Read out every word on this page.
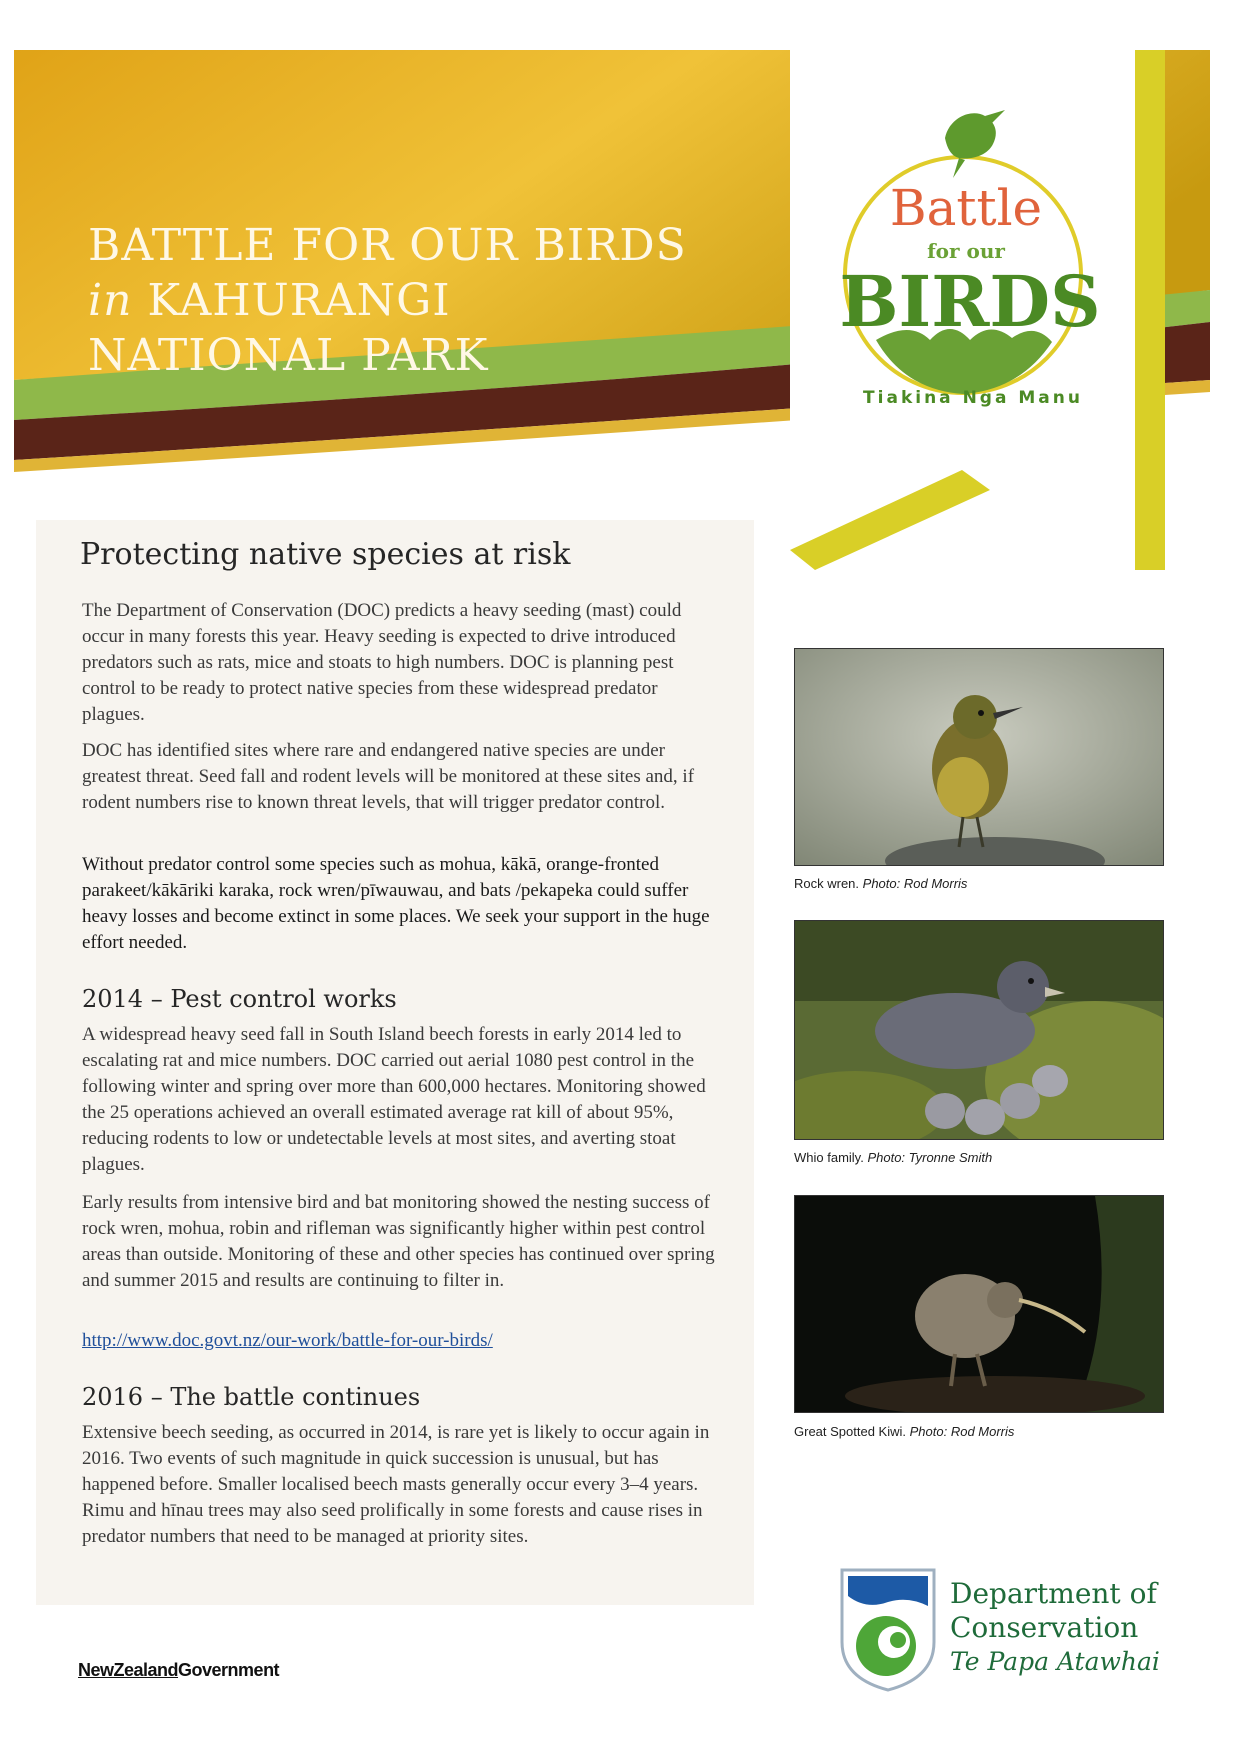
BATTLE FOR OUR BIRDS
in KAHURANGI
NATIONAL PARK
Battle
for our
BIRDS
Tiakina Nga Manu
Protecting native species at risk

The Department of Conservation (DOC) predicts a heavy seeding (mast) could occur in many forests this year. Heavy seeding is expected to drive introduced predators such as rats, mice and stoats to high numbers. DOC is planning pest control to be ready to protect native species from these widespread predator plagues.

DOC has identified sites where rare and endangered native species are under greatest threat. Seed fall and rodent levels will be monitored at these sites and, if rodent numbers rise to known threat levels, that will trigger predator control.

Without predator control some species such as mohua, kākā, orange-fronted parakeet/kākāriki karaka, rock wren/pīwauwau, and bats /pekapeka could suffer heavy losses and become extinct in some places. We seek your support in the huge effort needed.

2014 – Pest control works

A widespread heavy seed fall in South Island beech forests in early 2014 led to escalating rat and mice numbers. DOC carried out aerial 1080 pest control in the following winter and spring over more than 600,000 hectares. Monitoring showed the 25 operations achieved an overall estimated average rat kill of about 95%, reducing rodents to low or undetectable levels at most sites, and averting stoat plagues.

Early results from intensive bird and bat monitoring showed the nesting success of rock wren, mohua, robin and rifleman was significantly higher within pest control areas than outside. Monitoring of these and other species has continued over spring and summer 2015 and results are continuing to filter in.

http://www.doc.govt.nz/our-work/battle-for-our-birds/
2016 – The battle continues

Extensive beech seeding, as occurred in 2014, is rare yet is likely to occur again in 2016. Two events of such magnitude in quick succession is unusual, but has happened before. Smaller localised beech masts generally occur every 3–4 years. Rimu and hīnau trees may also seed prolifically in some forests and cause rises in predator numbers that need to be managed at priority sites.

Rock wren. Photo: Rod Morris
Whio family. Photo: Tyronne Smith
Great Spotted Kiwi. Photo: Rod Morris
NewZealandGovernment
Department of
Conservation
Te Papa Atawhai
